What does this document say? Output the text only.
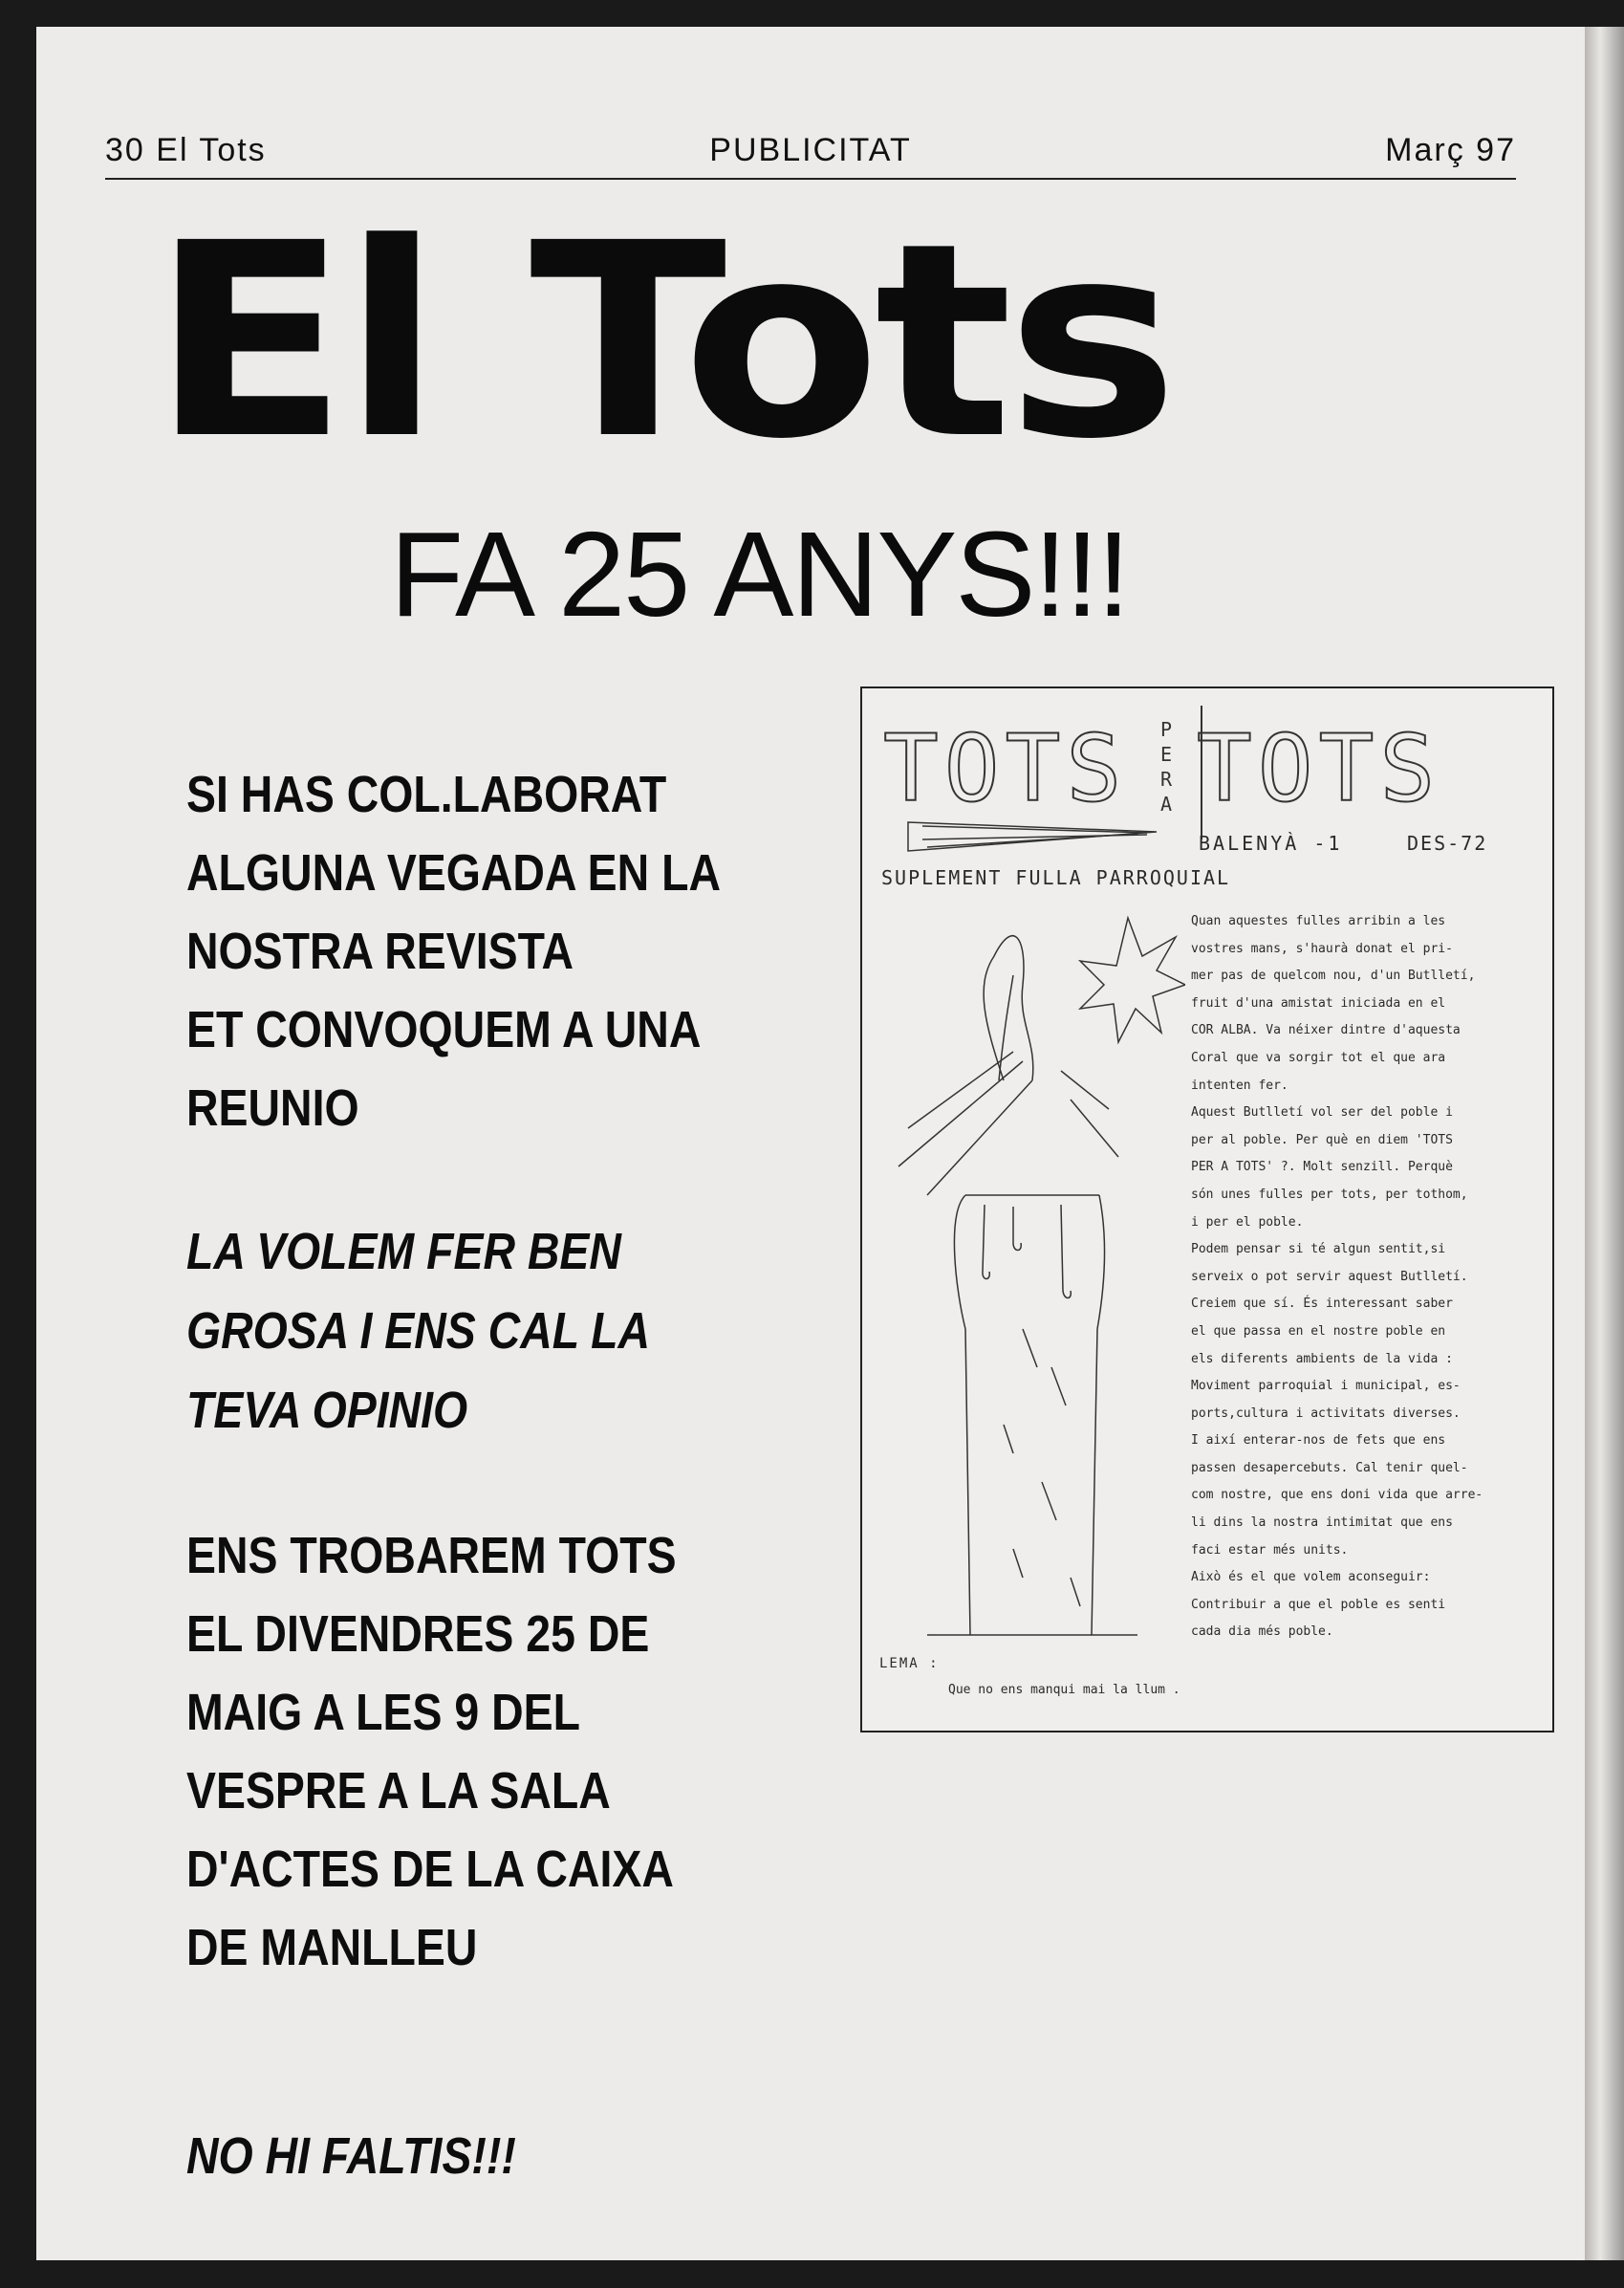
30 El Tots	PUBLICITAT	Març 97
El Tots
FA 25 ANYS!!!
SI HAS COL.LABORAT
ALGUNA VEGADA EN LA
NOSTRA REVISTA
ET CONVOQUEM A UNA
REUNIO
LA VOLEM FER BEN
GROSA I ENS CAL LA
TEVA OPINIO
ENS TROBAREM TOTS
EL DIVENDRES 25 DE
MAIG A LES 9 DEL
VESPRE A LA SALA
D'ACTES DE LA CAIXA
DE MANLLEU
NO HI FALTIS!!!
TOTS P
E
R
A TOTS
BALENYÀ -1	DES-72
SUPLEMENT FULLA PARROQUIAL
Quan aquestes fulles arribin a les
vostres mans, s'haurà donat el pri-
mer pas de quelcom nou, d'un Butlletí,
fruit d'una amistat iniciada en el
COR ALBA. Va néixer dintre d'aquesta
Coral que va sorgir tot el que ara
intenten fer.
Aquest Butlletí vol ser del poble i
per al poble. Per què en diem 'TOTS
PER A TOTS' ?. Molt senzill. Perquè
són unes fulles per tots, per tothom,
i per el poble.
Podem pensar si té algun sentit,si
serveix o pot servir aquest Butlletí.
Creiem que sí. És interessant saber
el que passa en el nostre poble en
els diferents ambients de la vida :
Moviment parroquial i municipal, es-
ports,cultura i activitats diverses.
I així enterar-nos de fets que ens
passen desapercebuts. Cal tenir quel-
com nostre, que ens doni vida que arre-
li dins la nostra intimitat que ens
faci estar més units.
Això és el que volem aconseguir:
Contribuir a que el poble es senti
cada dia més poble.
LEMA :
Que no ens manqui mai la llum .
